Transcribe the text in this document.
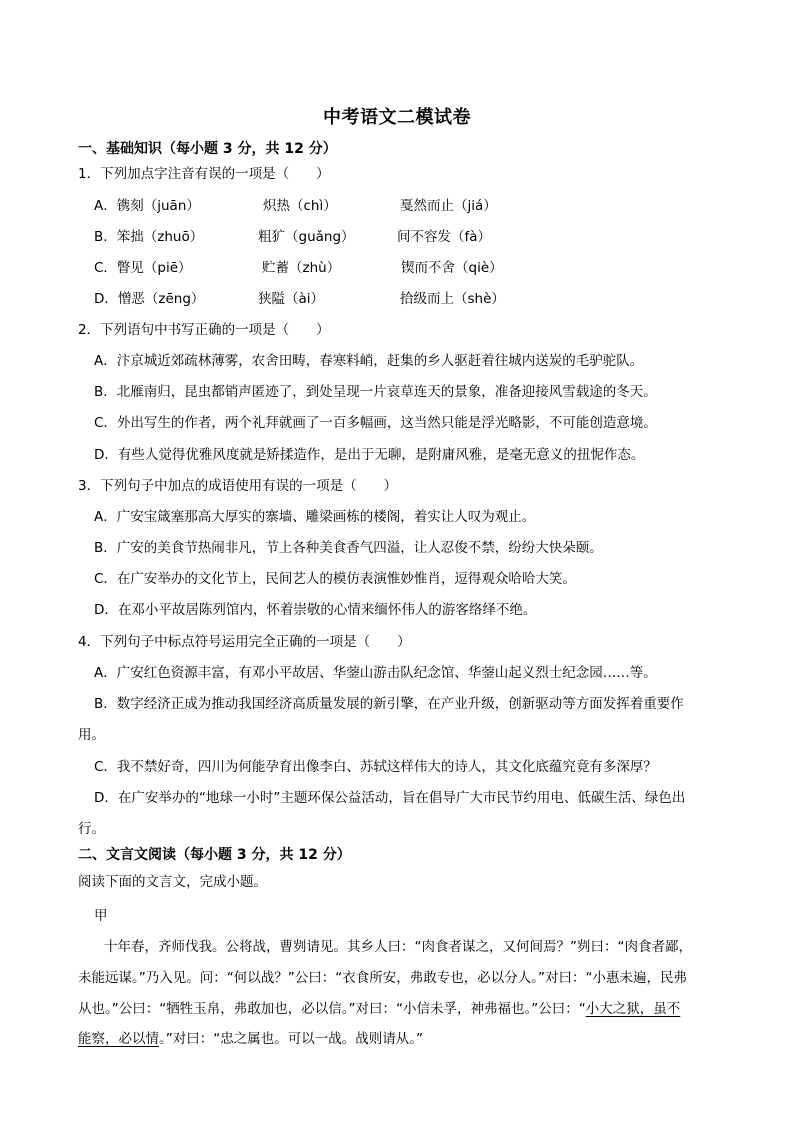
中考语文二模试卷
一、基础知识（每小题 3 分，共 12 分）
1．下列加点字注音有误的一项是（　　）
A．镌刻（juān）	炽热（chì）	戛然而止（jiá）
B．笨拙（zhuō）	粗犷（guǎng）	间不容发（fà）
C．瞥见（piē）	贮蓄（zhù）	锲而不舍（qiè）
D．憎恶（zēng）	狭隘（ài）	拾级而上（shè）
2．下列语句中书写正确的一项是（　　）
A．汴京城近郊疏林薄雾，农舍田畴，春寒料峭，赶集的乡人驱赶着往城内送炭的毛驴驼队。
B．北雁南归，昆虫都销声匿迹了，到处呈现一片哀草连天的景象，准备迎接风雪载途的冬天。
C．外出写生的作者，两个礼拜就画了一百多幅画，这当然只能是浮光略影，不可能创造意境。
D．有些人觉得优雅风度就是矫揉造作，是出于无聊，是附庸风雅，是毫无意义的扭怩作态。
3．下列句子中加点的成语使用有误的一项是（　　）
A．广安宝箴塞那高大厚实的寨墙、雕梁画栋的楼阁，着实让人叹为观止。
B．广安的美食节热闹非凡，节上各种美食香气四溢，让人忍俊不禁，纷纷大快朵颐。
C．在广安举办的文化节上，民间艺人的模仿表演惟妙惟肖，逗得观众哈哈大笑。
D．在邓小平故居陈列馆内，怀着崇敬的心情来缅怀伟人的游客络绎不绝。
4．下列句子中标点符号运用完全正确的一项是（　　）
A．广安红色资源丰富，有邓小平故居、华蓥山游击队纪念馆、华蓥山起义烈士纪念园……等。
B．数字经济正成为推动我国经济高质量发展的新引擎，在产业升级，创新驱动等方面发挥着重要作
用。
C．我不禁好奇，四川为何能孕育出像李白、苏轼这样伟大的诗人，其文化底蕴究竟有多深厚？
D．在广安举办的“地球一小时”主题环保公益活动，旨在倡导广大市民节约用电、低碳生活、绿色出
行。
二、文言文阅读（每小题 3 分，共 12 分）
阅读下面的文言文，完成小题。
甲
十年春，齐师伐我。公将战，曹刿请见。其乡人曰：“肉食者谋之，又何间焉？”刿曰：“肉食者鄙，
未能远谋。”乃入见。问：“何以战？”公曰：“衣食所安，弗敢专也，必以分人。”对曰：“小惠未遍，民弗
从也。”公曰：“牺牲玉帛，弗敢加也，必以信。”对曰：“小信未孚，神弗福也。”公曰：“小大之狱，虽不
能察，必以情。”对曰：“忠之属也。可以一战。战则请从。”
